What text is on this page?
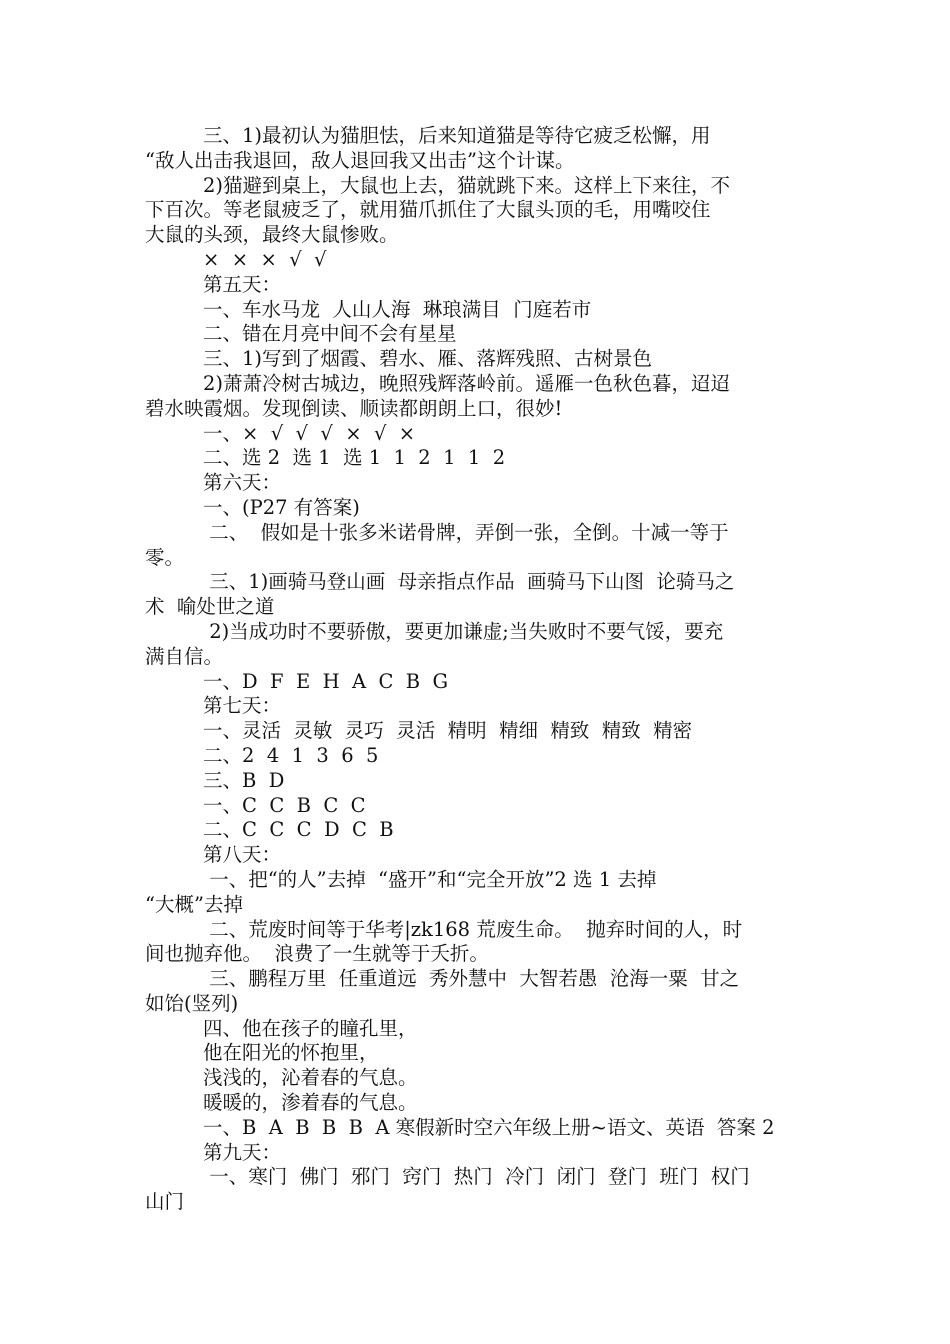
三、1)最初认为猫胆怯，后来知道猫是等待它疲乏松懈，用
“敌人出击我退回，敌人退回我又出击”这个计谋。
2)猫避到桌上，大鼠也上去，猫就跳下来。这样上下来往，不
下百次。等老鼠疲乏了，就用猫爪抓住了大鼠头顶的毛，用嘴咬住
大鼠的头颈，最终大鼠惨败。
×  ×  ×  √  √
第五天：
一、车水马龙  人山人海  琳琅满目  门庭若市
二、错在月亮中间不会有星星
三、1)写到了烟霞、碧水、雁、落辉残照、古树景色
2)萧萧冷树古城边，晚照残辉落岭前。遥雁一色秋色暮，迢迢
碧水映霞烟。发现倒读、顺读都朗朗上口，很妙!
一、×  √  √  √  ×  √  ×
二、选 2  选 1  选 1  1  2  1  1  2
第六天：
一、(P27 有答案)
二、  假如是十张多米诺骨牌，弄倒一张，全倒。十减一等于
零。
三、1)画骑马登山画  母亲指点作品  画骑马下山图  论骑马之
术  喻处世之道
2)当成功时不要骄傲，要更加谦虚;当失败时不要气馁，要充
满自信。
一、D  F  E  H  A  C  B  G
第七天：
一、灵活  灵敏  灵巧  灵活  精明  精细  精致  精致  精密
二、2  4  1  3  6  5
三、B  D
一、C  C  B  C  C
二、C  C  C  D  C  B
第八天：
一、把“的人”去掉  “盛开”和“完全开放”2 选 1 去掉
“大概”去掉
二、荒废时间等于华考|zk168 荒废生命。  抛弃时间的人，时
间也抛弃他。  浪费了一生就等于夭折。
三、鹏程万里  任重道远  秀外慧中  大智若愚  沧海一粟  甘之
如饴(竖列)
四、他在孩子的瞳孔里，
他在阳光的怀抱里，
浅浅的，沁着春的气息。
暖暖的，渗着春的气息。
一、B  A  B  B  B  A 寒假新时空六年级上册~语文、英语  答案 2
第九天：
一、寒门  佛门  邪门  窍门  热门  冷门  闭门  登门  班门  权门
山门
